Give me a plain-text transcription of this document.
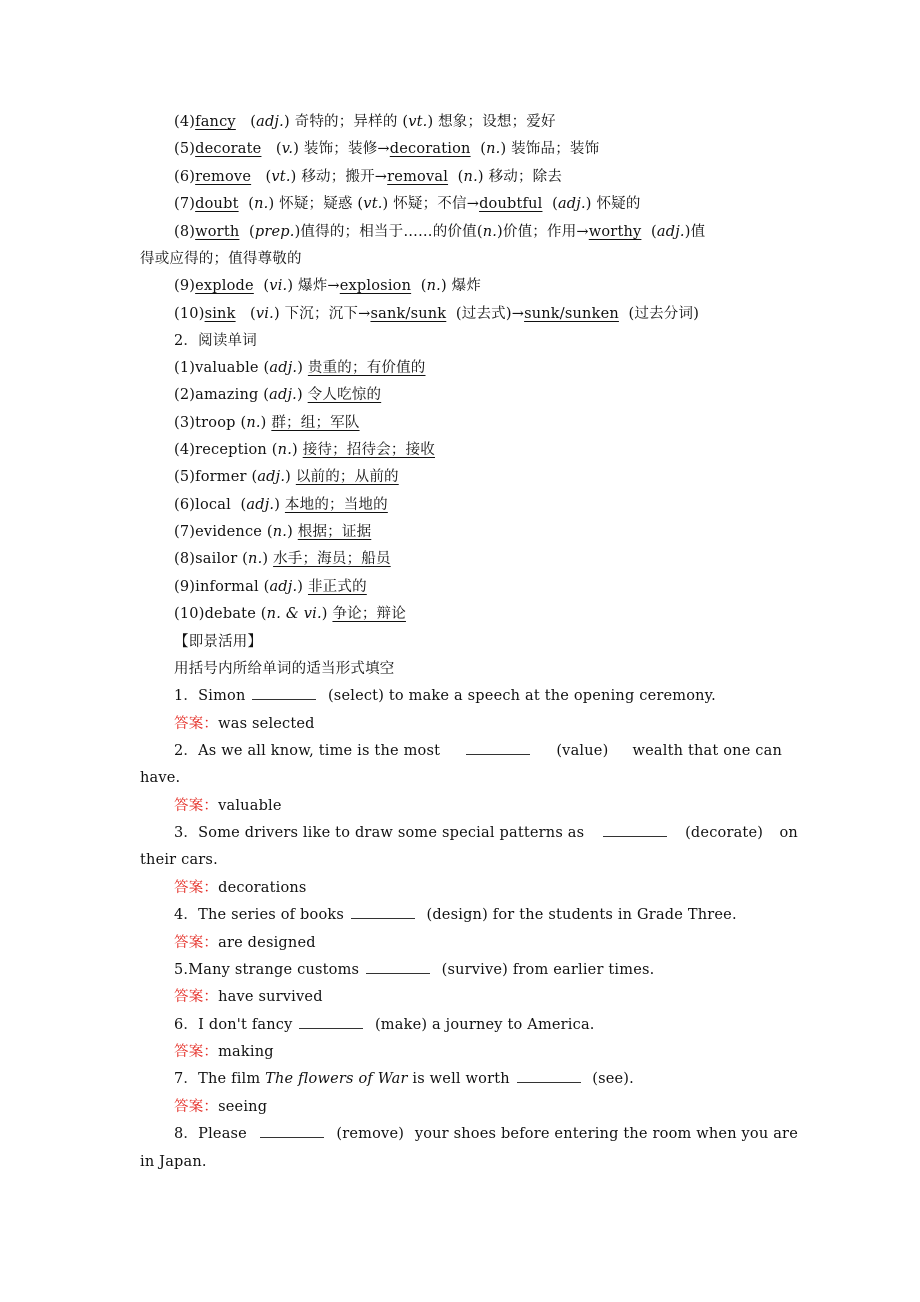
(4)fancy   (adj.) 奇特的；异样的 (vt.) 想象；设想；爱好
(5)decorate   (v.) 装饰；装修→decoration  (n.) 装饰品；装饰
(6)remove   (vt.) 移动；搬开→removal  (n.) 移动；除去
(7)doubt  (n.) 怀疑；疑惑 (vt.) 怀疑；不信→doubtful  (adj.) 怀疑的
(8)worth  (prep.)值得的；相当于……的价值(n.)价值；作用→worthy  (adj.)值
得或应得的；值得尊敬的
(9)explode  (vi.) 爆炸→explosion  (n.) 爆炸
(10)sink   (vi.) 下沉；沉下→sank/sunk (过去式)→sunk/sunken (过去分词)
2．阅读单词
(1)valuable (adj.) 贵重的；有价值的
(2)amazing (adj.) 令人吃惊的
(3)troop (n.) 群；组；军队
(4)reception (n.) 接待；招待会；接收
(5)former (adj.) 以前的；从前的
(6)local  (adj.) 本地的；当地的
(7)evidence (n.) 根据；证据
(8)sailor (n.) 水手；海员；船员
(9)informal (adj.) 非正式的
(10)debate (n. & vi.) 争论；辩论
【即景活用】
用括号内所给单词的适当形式填空
1．Simon	(select) to make a speech at the opening ceremony.
答案：was selected
2．As we all know, time is the most	(value) wealth that one can
have.
答案：valuable
3．Some drivers like to draw some special patterns as	(decorate) on
their cars.
答案：decorations
4．The series of books	(design) for the students in Grade Three.
答案：are designed
5.Many strange customs	(survive) from earlier times.
答案：have survived
6．I don't fancy	(make) a journey to America.
答案：making
7．The film The flowers of War is well worth	(see).
答案：seeing
8．Please	(remove) your shoes before entering the room when you are
in Japan.
